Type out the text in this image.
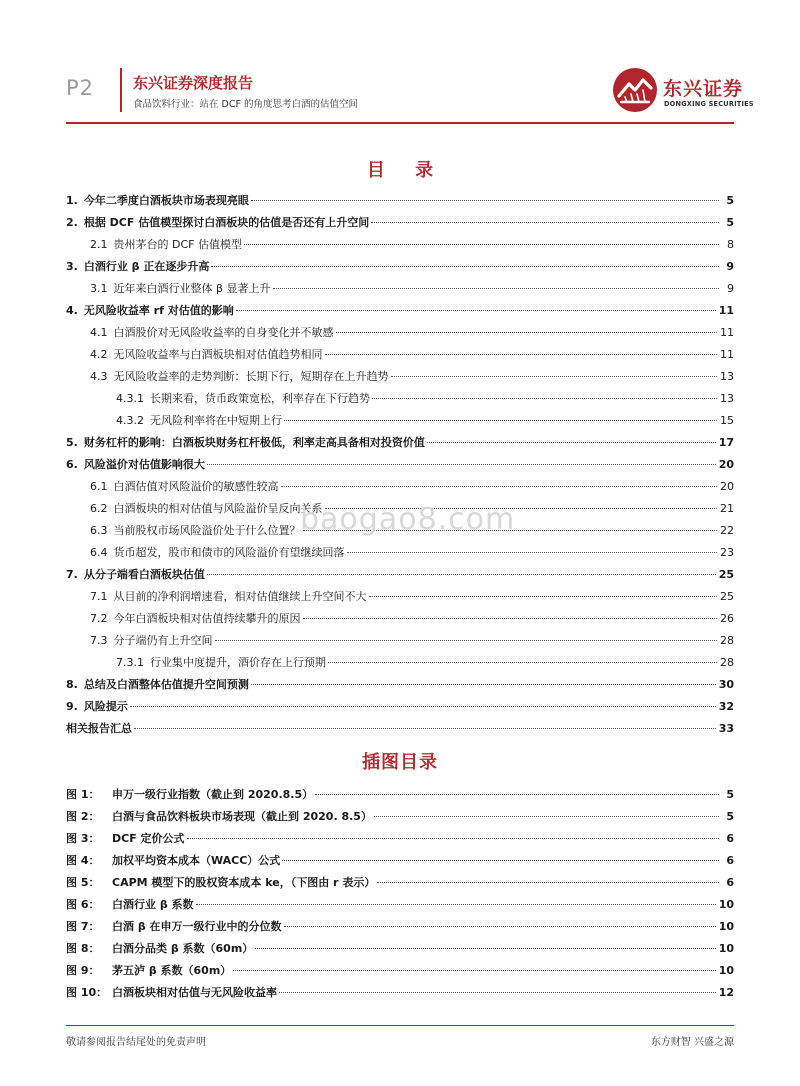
P2	东兴证券深度报告
食品饮料行业：站在 DCF 的角度思考白酒的估值空间
东兴证券
DONGXING SECURITIES
目 录
1. 今年二季度白酒板块市场表现亮眼	5
2. 根据 DCF 估值模型探讨白酒板块的估值是否还有上升空间	5
2.1 贵州茅台的 DCF 估值模型	8
3. 白酒行业 β 正在逐步升高	9
3.1 近年来白酒行业整体 β 显著上升	9
4. 无风险收益率 rf 对估值的影响	11
4.1 白酒股价对无风险收益率的自身变化并不敏感	11
4.2 无风险收益率与白酒板块相对估值趋势相同	11
4.3 无风险收益率的走势判断：长期下行，短期存在上升趋势	13
4.3.1 长期来看，货币政策宽松，利率存在下行趋势	13
4.3.2 无风险利率将在中短期上行	15
5. 财务杠杆的影响：白酒板块财务杠杆极低，利率走高具备相对投资价值	17
6. 风险溢价对估值影响很大	20
6.1 白酒估值对风险溢价的敏感性较高	20
6.2 白酒板块的相对估值与风险溢价呈反向关系	21
6.3 当前股权市场风险溢价处于什么位置？	22
6.4 货币超发，股市和债市的风险溢价有望继续回落	23
7. 从分子端看白酒板块估值	25
7.1 从目前的净利润增速看，相对估值继续上升空间不大	25
7.2 今年白酒板块相对估值持续攀升的原因	26
7.3 分子端仍有上升空间	28
7.3.1 行业集中度提升，酒价存在上行预期	28
8. 总结及白酒整体估值提升空间预测	30
9. 风险提示	32
相关报告汇总	33
baogao8.com
插图目录
图 1：	申万一级行业指数（截止到 2020.8.5）	5
图 2：	白酒与食品饮料板块市场表现（截止到 2020. 8.5）	5
图 3：	DCF 定价公式	6
图 4：	加权平均资本成本（WACC）公式	6
图 5：	CAPM 模型下的股权资本成本 ke，（下图由 r 表示）	6
图 6：	白酒行业 β 系数	10
图 7：	白酒 β 在申万一级行业中的分位数	10
图 8：	白酒分品类 β 系数（60m）	10
图 9：	茅五泸 β 系数（60m）	10
图 10： 白酒板块相对估值与无风险收益率	12
敬请参阅报告结尾处的免责声明	东方财智 兴盛之源
